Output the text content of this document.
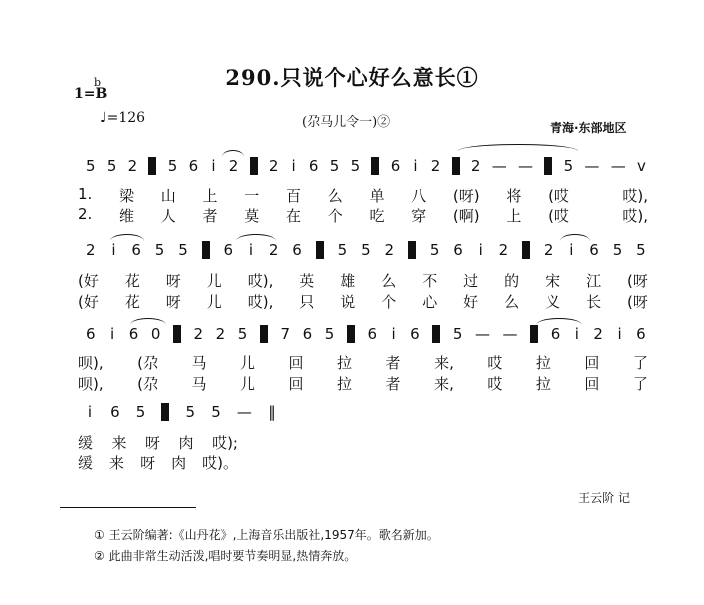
290.只说个心好么意长①
1=B
b
♩=126	(尕马儿令一)②	青海·东部地区
5 5 2 5 6 i 2 2 i 6 5 5 6 i 2 2 — — 5 — — v
1. 梁 山 上 一 百 么 单 八 (呀) 将 (哎	哎),
2. 维 人 者 莫 在 个 吃 穿 (啊) 上 (哎	哎),
2 i 6 5 5 6 i 2 6 5 5 2 5 6 i 2 2 i 6 5 5
(好 花 呀 儿 哎), 英 雄 么 不 过 的 宋 江 (呀
(好 花 呀 儿 哎), 只 说 个 心 好 么 义 长 (呀
6 i 6 0 2 2 5 7 6 5 6 i 6 5 — — 6 i 2 i 6
呗), (尕 马 儿 回 拉 者 来, 哎 拉 回 了
呗), (尕 马 儿 回 拉 者 来, 哎 拉 回 了
i 6 5	5 5 — ‖
缓 来 呀 肉 哎);
缓 来 呀 肉 哎)。
王云阶 记
① 王云阶编著:《山丹花》,上海音乐出版社,1957年。歌名新加。
② 此曲非常生动活泼,唱时要节奏明显,热情奔放。
